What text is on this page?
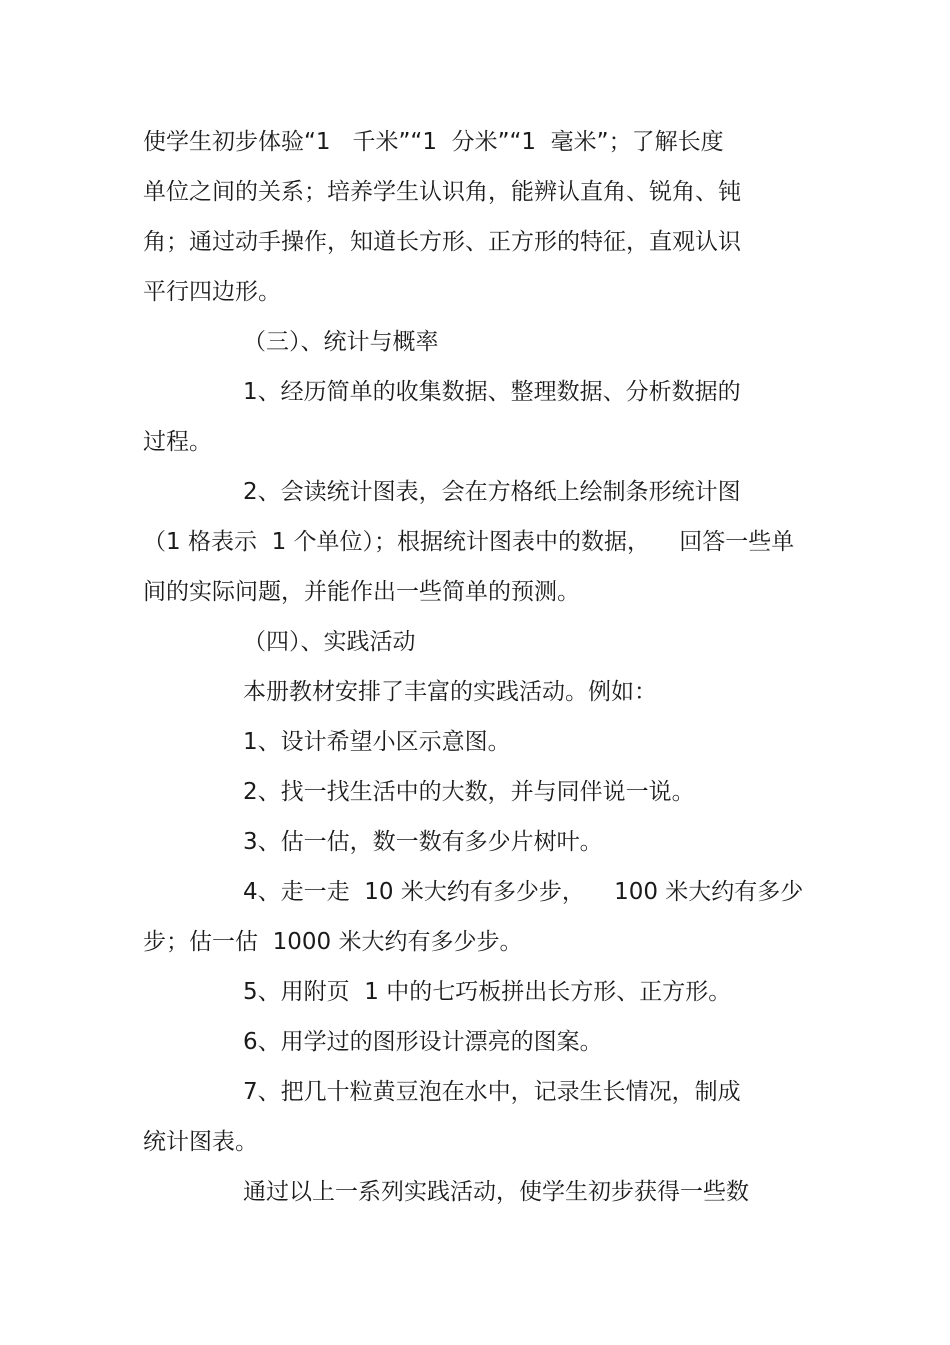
使学生初步体验“1   千米”“1  分米”“1  毫米”；了解长度
单位之间的关系；培养学生认识角，能辨认直角、锐角、钝
角；通过动手操作，知道长方形、正方形的特征，直观认识
平行四边形。
（三）、统计与概率
1、经历简单的收集数据、整理数据、分析数据的
过程。
2、会读统计图表，会在方格纸上绘制条形统计图
（1 格表示  1 个单位）；根据统计图表中的数据，    回答一些单
间的实际问题，并能作出一些简单的预测。
（四）、实践活动
本册教材安排了丰富的实践活动。例如：
1、设计希望小区示意图。
2、找一找生活中的大数，并与同伴说一说。
3、估一估，数一数有多少片树叶。
4、走一走  10 米大约有多少步，    100 米大约有多少
步；估一估  1000 米大约有多少步。
5、用附页  1 中的七巧板拼出长方形、正方形。
6、用学过的图形设计漂亮的图案。
7、把几十粒黄豆泡在水中，记录生长情况，制成
统计图表。
通过以上一系列实践活动，使学生初步获得一些数
